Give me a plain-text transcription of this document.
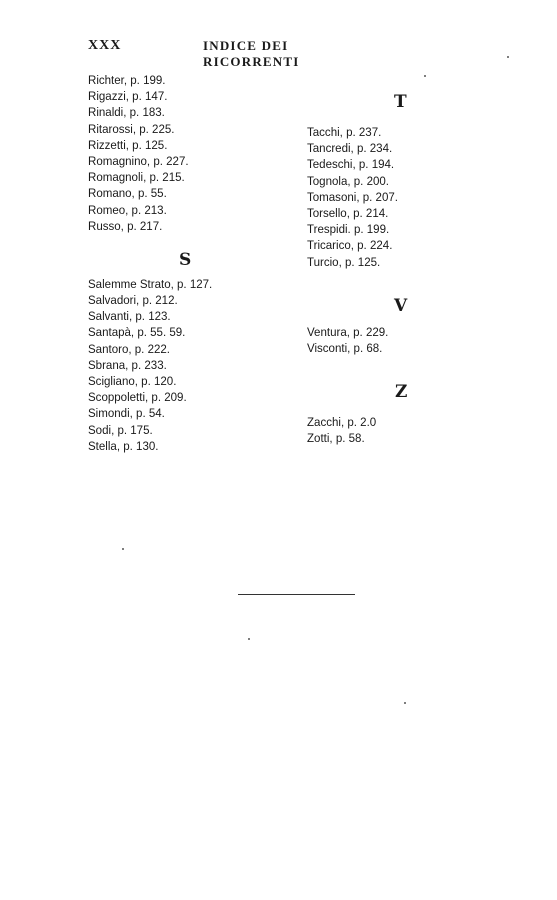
XXX	INDICE DEI RICORRENTI
Richter, p. 199.
Rigazzi, p. 147.
Rinaldi, p. 183.
Ritarossi, p. 225.
Rizzetti, p. 125.
Romagnino, p. 227.
Romagnoli, p. 215.
Romano, p. 55.
Romeo, p. 213.
Russo, p. 217.
S
Salemme Strato, p. 127.
Salvadori, p. 212.
Salvanti, p. 123.
Santapà, p. 55. 59.
Santoro, p. 222.
Sbrana, p. 233.
Scigliano, p. 120.
Scoppoletti, p. 209.
Simondi, p. 54.
Sodi, p. 175.
Stella, p. 130.
T
Tacchi, p. 237.
Tancredi, p. 234.
Tedeschi, p. 194.
Tognola, p. 200.
Tomasoni, p. 207.
Torsello, p. 214.
Trespidi. p. 199.
Tricarico, p. 224.
Turcio, p. 125.
V
Ventura, p. 229.
Visconti, p. 68.
Z
Zacchi, p. 2.0
Zotti, p. 58.
